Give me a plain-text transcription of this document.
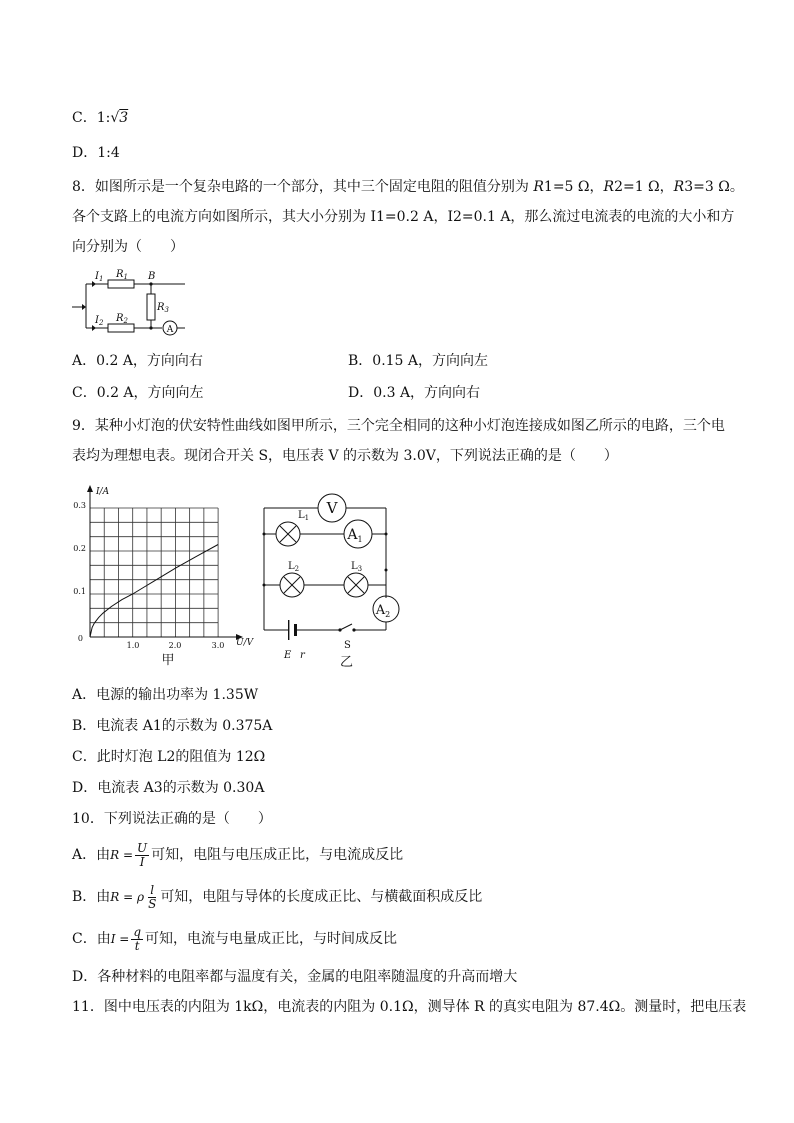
C．1:√3
D．1:4
8．如图所示是一个复杂电路的一个部分，其中三个固定电阻的阻值分别为 R1=5 Ω，R2=1 Ω，R3=3 Ω。
各个支路上的电流方向如图所示，其大小分别为 I1=0.2 A，I2=0.1 A，那么流过电流表的电流的大小和方
向分别为（　　）
$I_1$ $R_1$ B
$R_3$
$I_2$ $R_2$
A
A．0.2 A，方向向右	B．0.15 A，方向向左
C．0.2 A，方向向左	D．0.3 A，方向向右
9．某种小灯泡的伏安特性曲线如图甲所示，三个完全相同的这种小灯泡连接成如图乙所示的电路，三个电
表均为理想电表。现闭合开关 S，电压表 V 的示数为 3.0V，下列说法正确的是（　　）
I/A
U/V
0
0.1
0.2
0.3
1.0	2.0	3.0
甲
V
$A_1$
$A_2$
$L_1$
$L_2$	$L_3$
E r
S
乙
A．电源的输出功率为 1.35W
B．电流表 A1的示数为 0.375A
C．此时灯泡 L2的阻值为 12Ω
D．电流表 A3的示数为 0.30A
10．下列说法正确的是（　　）
A．由$R = \frac{U}{I}$ 可知，电阻与电压成正比，与电流成反比
B．由R = ρ $\frac{l}{S}$ 可知，电阻与导体的长度成正比、与横截面积成反比
C．由$I = \frac{q}{t}$ 可知，电流与电量成正比，与时间成反比
D．各种材料的电阻率都与温度有关，金属的电阻率随温度的升高而增大
11．图中电压表的内阻为 1kΩ，电流表的内阻为 0.1Ω，测导体 R 的真实电阻为 87.4Ω。测量时，把电压表
